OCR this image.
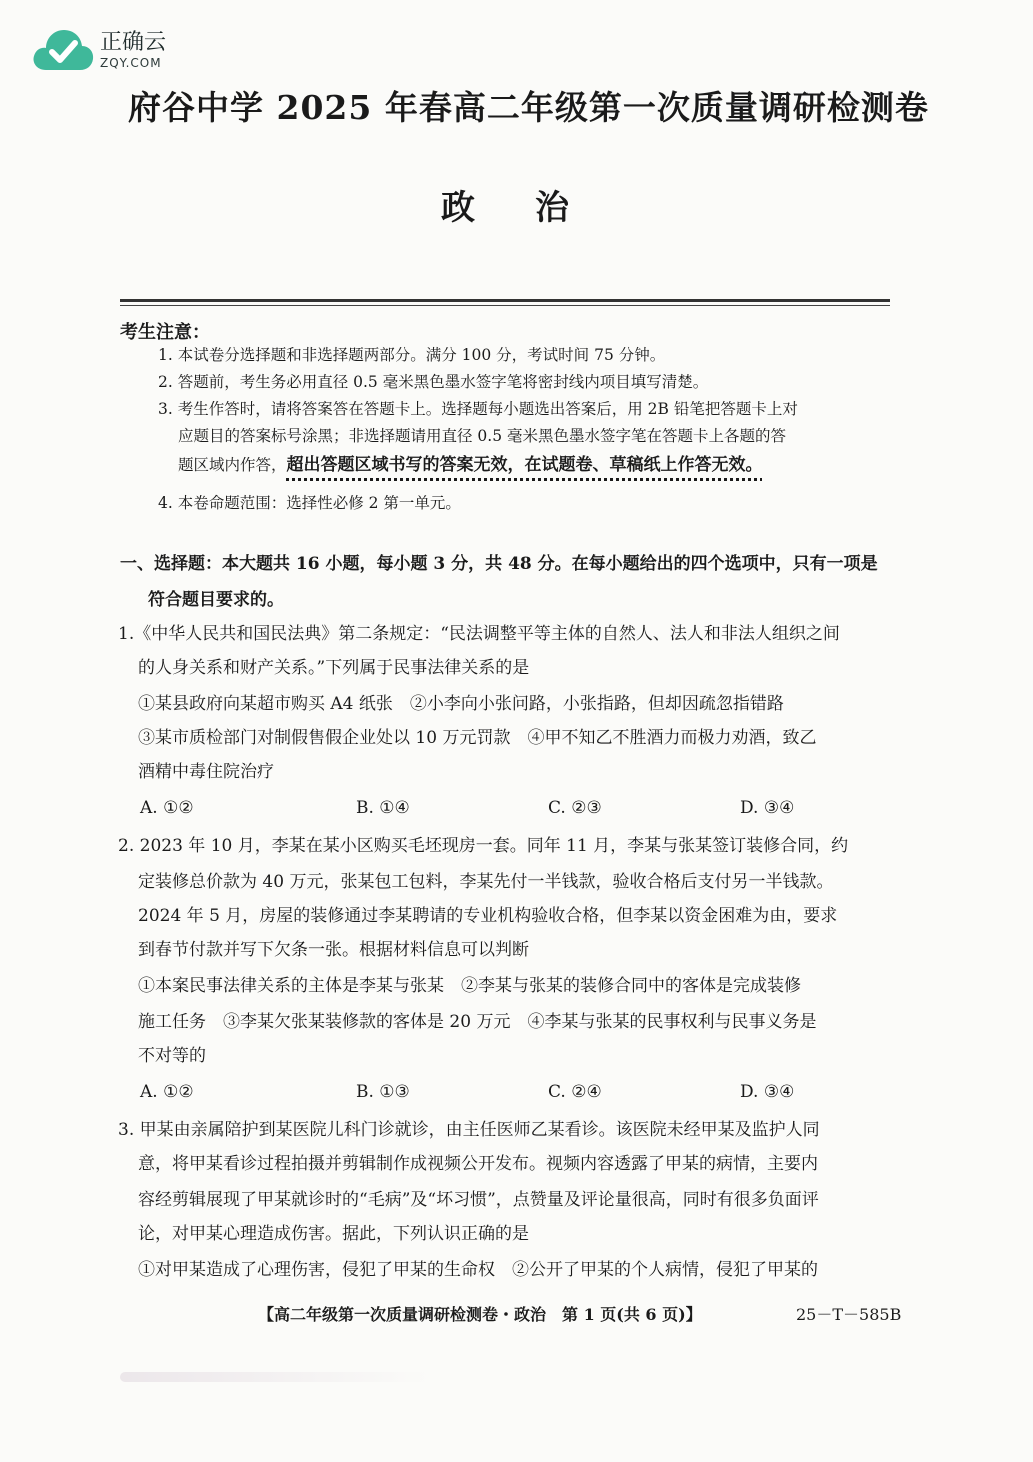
正确云
ZQY.COM
府谷中学 2025 年春高二年级第一次质量调研检测卷
政治
考生注意：
1. 本试卷分选择题和非选择题两部分。满分 100 分，考试时间 75 分钟。
2. 答题前，考生务必用直径 0.5 毫米黑色墨水签字笔将密封线内项目填写清楚。
3. 考生作答时，请将答案答在答题卡上。选择题每小题选出答案后，用 2B 铅笔把答题卡上对
应题目的答案标号涂黑；非选择题请用直径 0.5 毫米黑色墨水签字笔在答题卡上各题的答
题区域内作答，超出答题区域书写的答案无效，在试题卷、草稿纸上作答无效。
4. 本卷命题范围：选择性必修 2 第一单元。
一、选择题：本大题共 16 小题，每小题 3 分，共 48 分。在每小题给出的四个选项中，只有一项是
符合题目要求的。
1.《中华人民共和国民法典》第二条规定：“民法调整平等主体的自然人、法人和非法人组织之间
的人身关系和财产关系。”下列属于民事法律关系的是
①某县政府向某超市购买 A4 纸张　②小李向小张问路，小张指路，但却因疏忽指错路
③某市质检部门对制假售假企业处以 10 万元罚款　④甲不知乙不胜酒力而极力劝酒，致乙
酒精中毒住院治疗
A. ①②	B. ①④	C. ②③	D. ③④
2. 2023 年 10 月，李某在某小区购买毛坯现房一套。同年 11 月，李某与张某签订装修合同，约
定装修总价款为 40 万元，张某包工包料，李某先付一半钱款，验收合格后支付另一半钱款。
2024 年 5 月，房屋的装修通过李某聘请的专业机构验收合格，但李某以资金困难为由，要求
到春节付款并写下欠条一张。根据材料信息可以判断
①本案民事法律关系的主体是李某与张某　②李某与张某的装修合同中的客体是完成装修
施工任务　③李某欠张某装修款的客体是 20 万元　④李某与张某的民事权利与民事义务是
不对等的
A. ①②	B. ①③	C. ②④	D. ③④
3. 甲某由亲属陪护到某医院儿科门诊就诊，由主任医师乙某看诊。该医院未经甲某及监护人同
意，将甲某看诊过程拍摄并剪辑制作成视频公开发布。视频内容透露了甲某的病情，主要内
容经剪辑展现了甲某就诊时的“毛病”及“坏习惯”，点赞量及评论量很高，同时有很多负面评
论，对甲某心理造成伤害。据此，下列认识正确的是
①对甲某造成了心理伤害，侵犯了甲某的生命权　②公开了甲某的个人病情，侵犯了甲某的
【高二年级第一次质量调研检测卷・政治　第 1 页(共 6 页)】	25－T－585B
